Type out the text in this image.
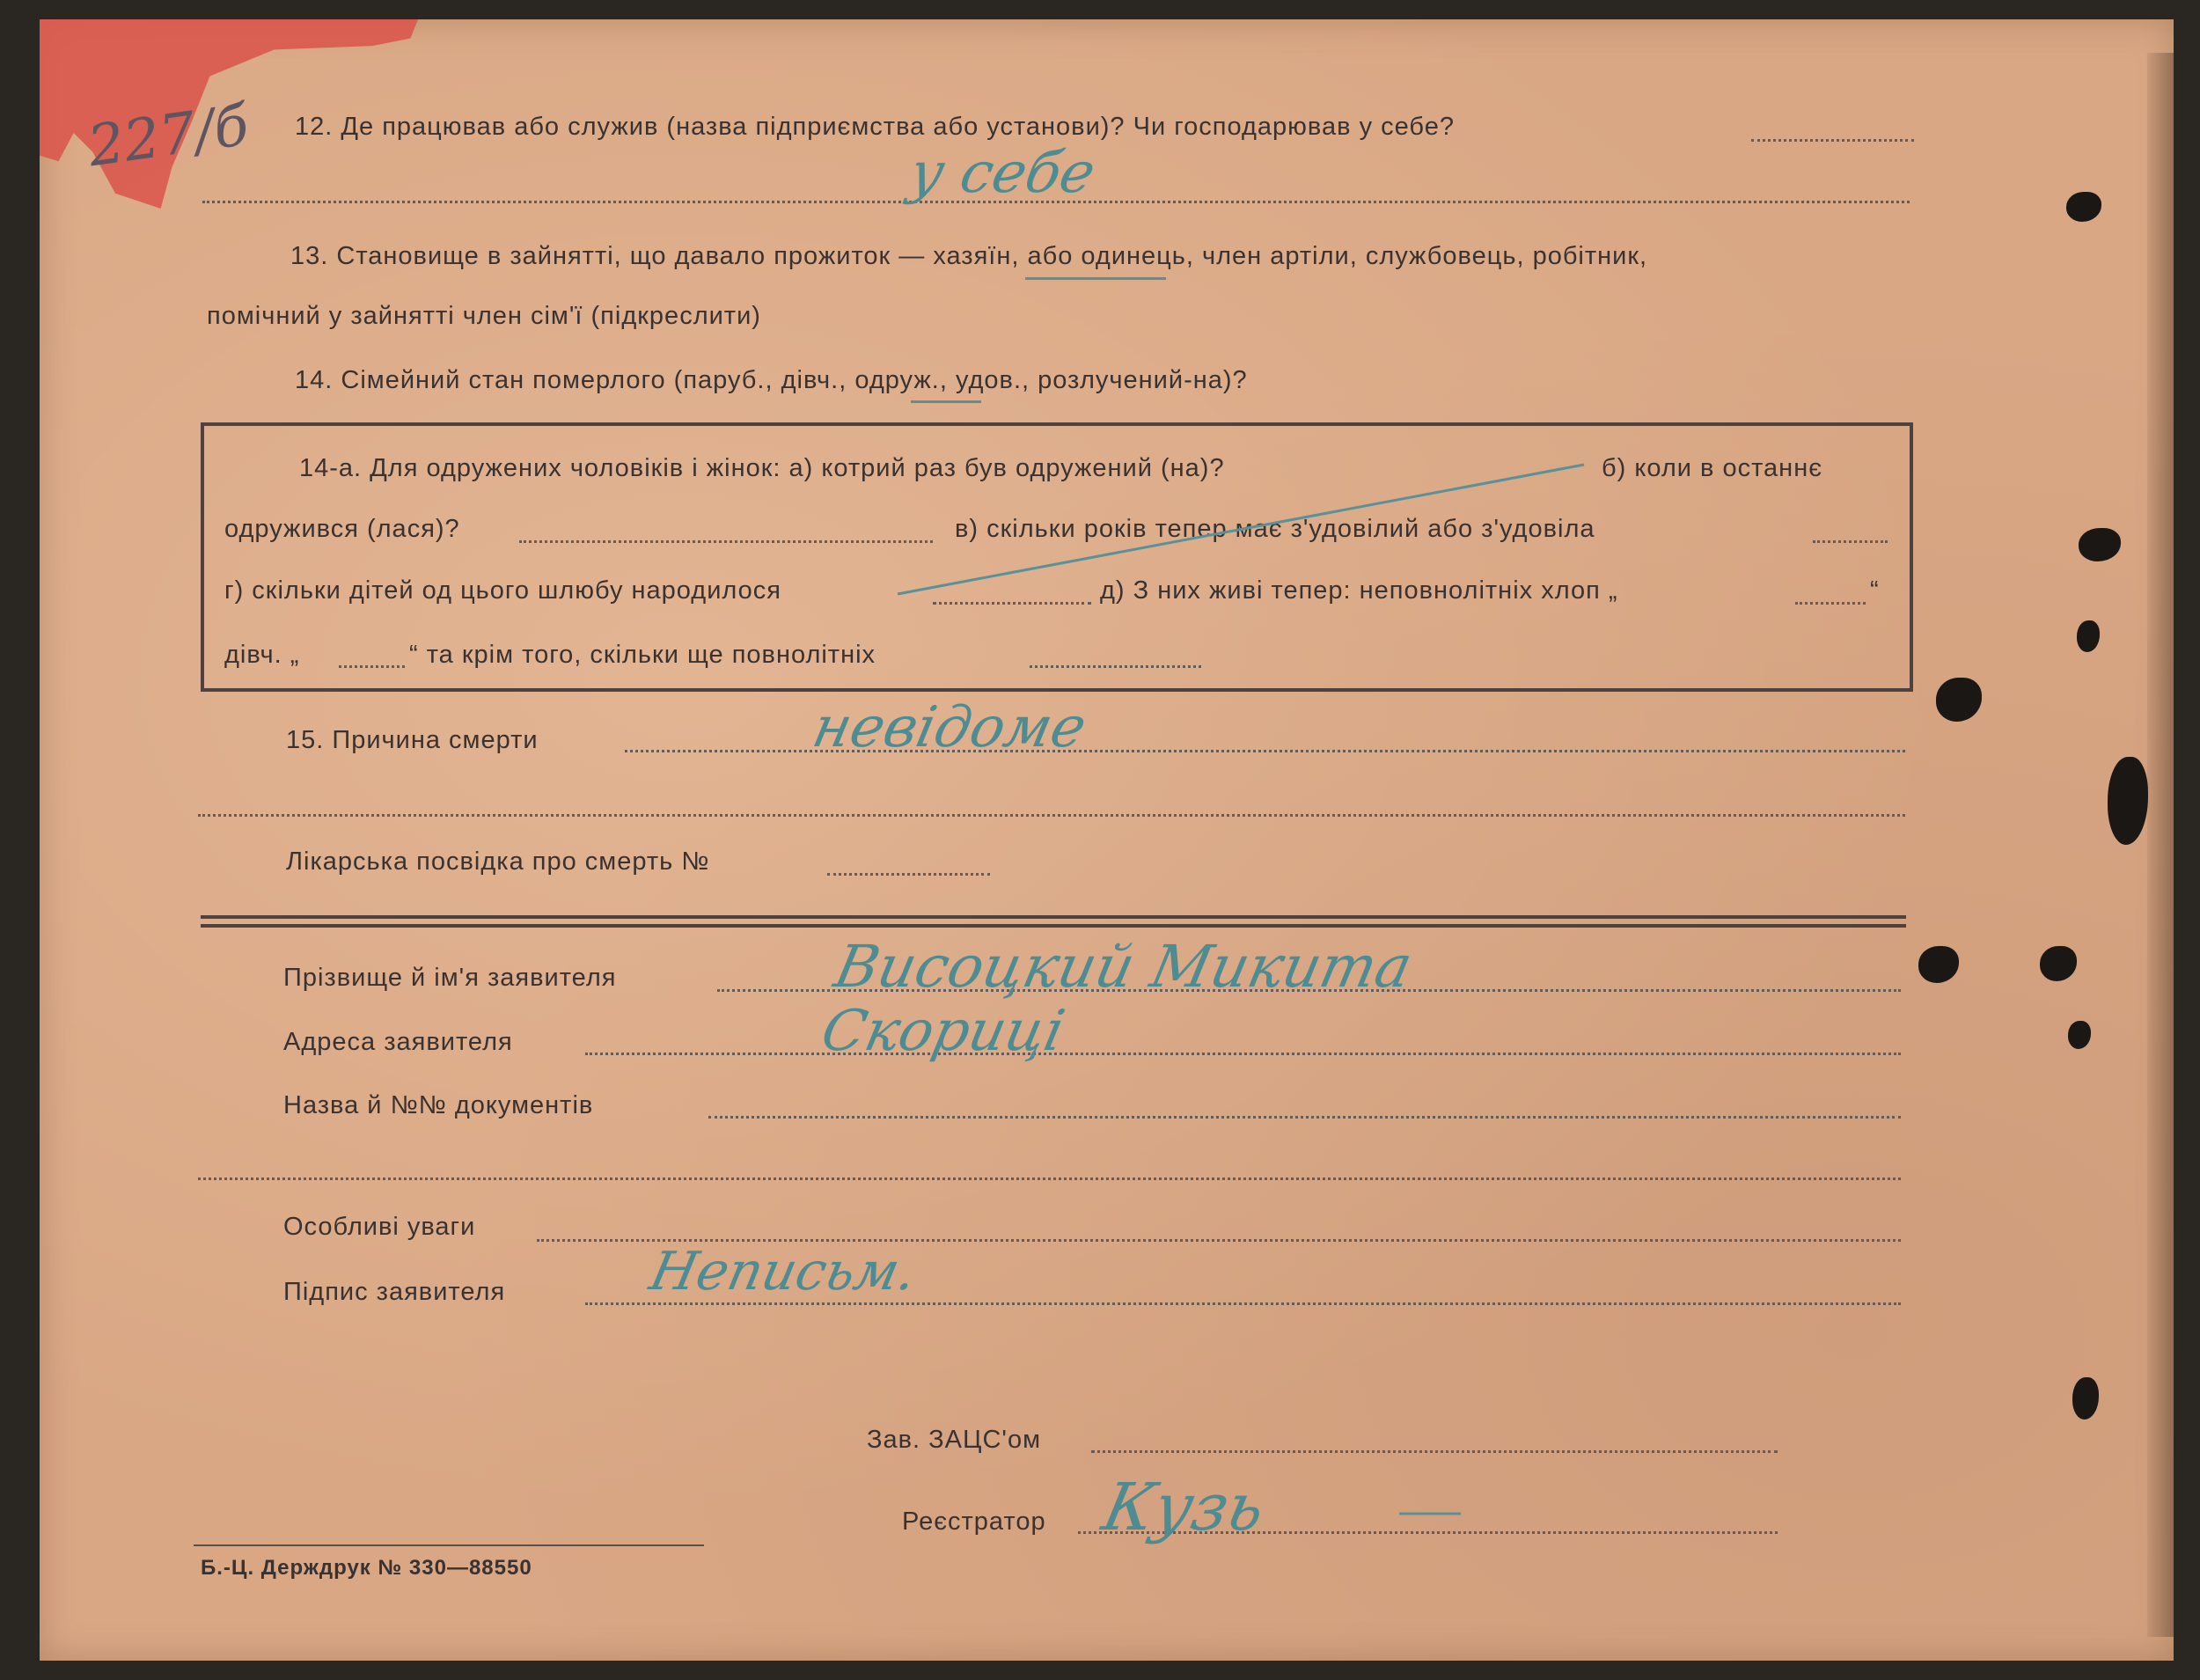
227/б 12. Де працював або служив (назва підприємства або установи)? Чи господарював у себе?
у себе
13. Становище в зайнятті, що давало прожиток — хазяїн, або одинець, член артіли, службовець, робітник,
помічний у зайнятті член сім'ї (підкреслити)
14. Сімейний стан померлого (паруб., дівч., одруж., удов., розлучений-на)?
14-а. Для одружених чоловіків і жінок: а) котрий раз був одружений (на)?	б) коли в останнє
одружився (лася)?	в) скільки років тепер має з'удовілий або з'удовіла
г) скільки дітей од цього шлюбу народилося	д) З них живі тепер: неповнолітніх хлоп „	“
дівч. „	“ та крім того, скільки ще повнолітніх
15. Причина смерти	невідоме
Лікарська посвідка про смерть №
Прізвище й ім'я заявителя	Висоцкий Микита
Адреса заявителя	Скориці
Назва й №№ документів
Особливі уваги
Підпис заявителя	Неписьм.
Зав. ЗАЦС'ом
Реєстратор Кузь
Б.-Ц. Держдрук № 330—88550
